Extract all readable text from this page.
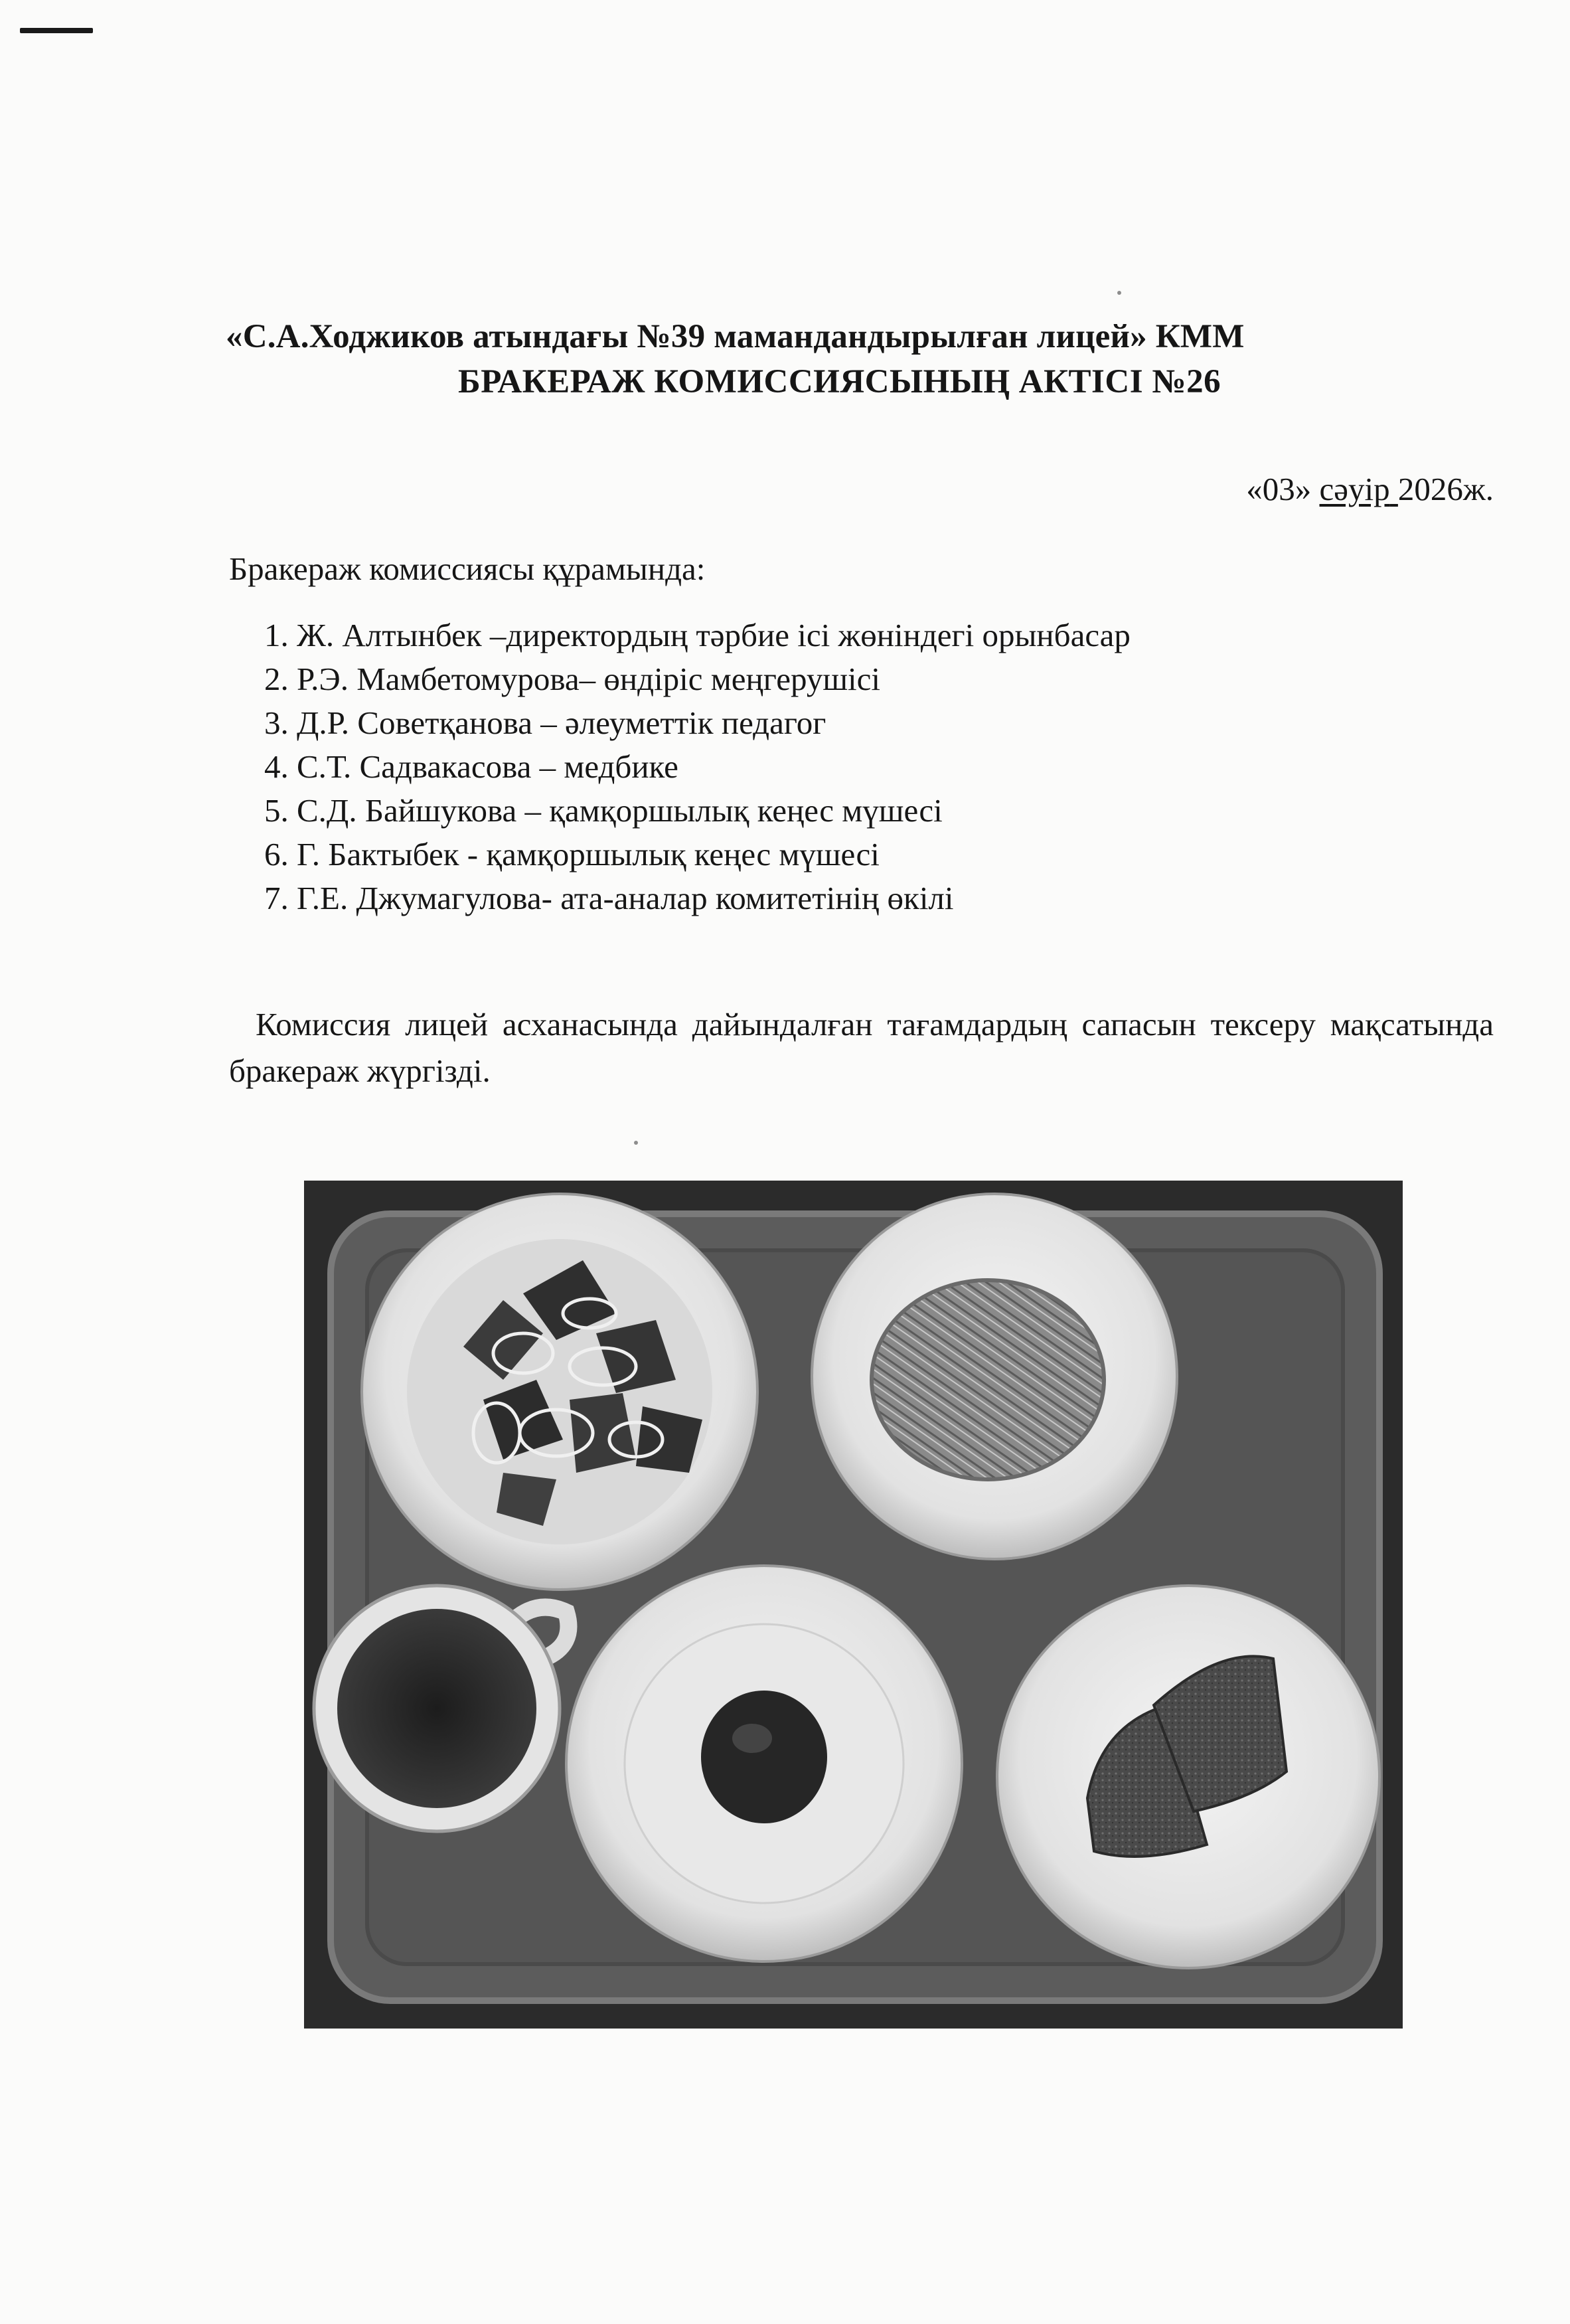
«С.А.Ходжиков атындағы №39 мамандандырылған лицей» КММ
БРАКЕРАЖ КОМИССИЯСЫНЫҢ АКТІСІ №26
«03» сәуір 2026ж.
Бракераж комиссиясы құрамында:
1. Ж. Алтынбек –директордың тәрбие ісі жөніндегі орынбасар
2. Р.Э. Мамбетомурова– өндіріс меңгерушісі
3. Д.Р. Советқанова – әлеуметтік педагог
4. С.Т. Садвакасова – медбике
5. С.Д. Байшукова – қамқоршылық кеңес мүшесі
6. Г. Бактыбек - қамқоршылық кеңес мүшесі
7. Г.Е. Джумагулова- ата-аналар комитетінің өкілі
Комиссия лицей асханасында дайындалған тағамдардың сапасын тексеру мақсатында бракераж жүргізді.
